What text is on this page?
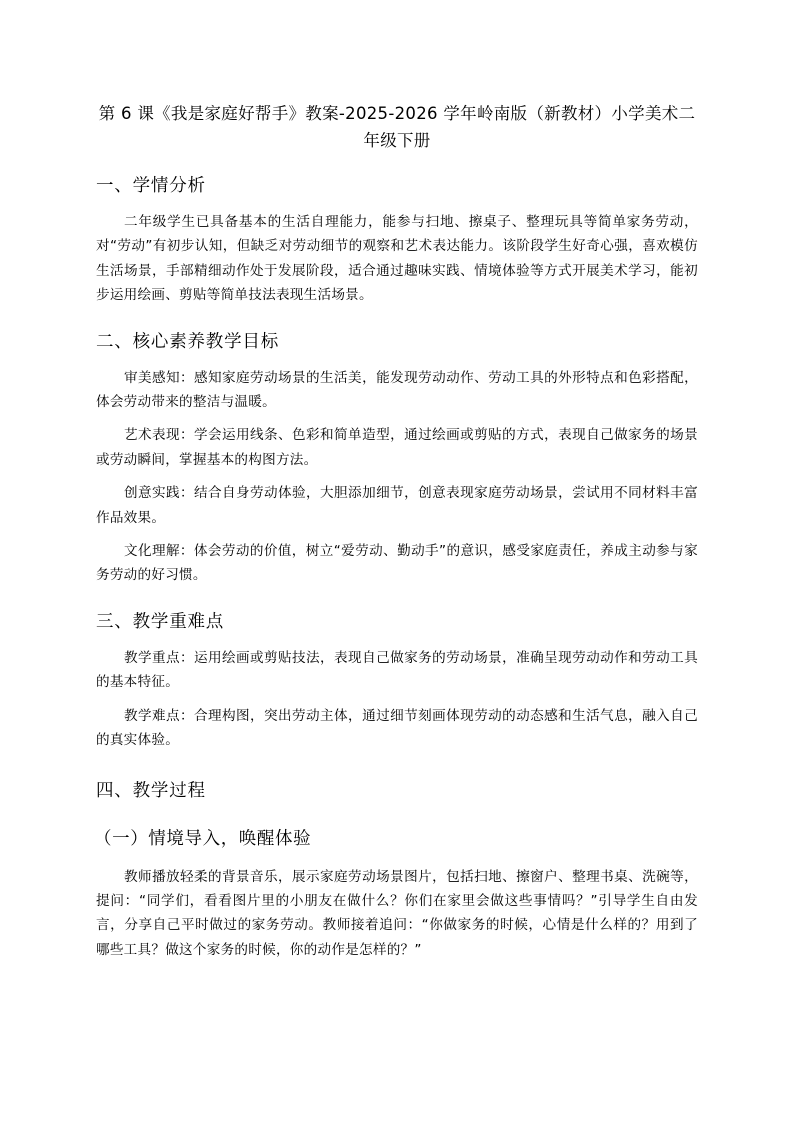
第 6 课《我是家庭好帮手》教案-2025-2026 学年岭南版（新教材）小学美术二年级下册
一、学情分析

二年级学生已具备基本的生活自理能力，能参与扫地、擦桌子、整理玩具等简单家务劳动，对“劳动”有初步认知，但缺乏对劳动细节的观察和艺术表达能力。该阶段学生好奇心强，喜欢模仿生活场景，手部精细动作处于发展阶段，适合通过趣味实践、情境体验等方式开展美术学习，能初步运用绘画、剪贴等简单技法表现生活场景。

二、核心素养教学目标

审美感知：感知家庭劳动场景的生活美，能发现劳动动作、劳动工具的外形特点和色彩搭配，体会劳动带来的整洁与温暖。

艺术表现：学会运用线条、色彩和简单造型，通过绘画或剪贴的方式，表现自己做家务的场景或劳动瞬间，掌握基本的构图方法。

创意实践：结合自身劳动体验，大胆添加细节，创意表现家庭劳动场景，尝试用不同材料丰富作品效果。

文化理解：体会劳动的价值，树立“爱劳动、勤动手”的意识，感受家庭责任，养成主动参与家务劳动的好习惯。

三、教学重难点

教学重点：运用绘画或剪贴技法，表现自己做家务的劳动场景，准确呈现劳动动作和劳动工具的基本特征。

教学难点：合理构图，突出劳动主体，通过细节刻画体现劳动的动态感和生活气息，融入自己的真实体验。

四、教学过程
（一）情境导入，唤醒体验

教师播放轻柔的背景音乐，展示家庭劳动场景图片，包括扫地、擦窗户、整理书桌、洗碗等，提问：“同学们，看看图片里的小朋友在做什么？你们在家里会做这些事情吗？”引导学生自由发言，分享自己平时做过的家务劳动。教师接着追问：“你做家务的时候，心情是什么样的？用到了哪些工具？做这个家务的时候，你的动作是怎样的？”
